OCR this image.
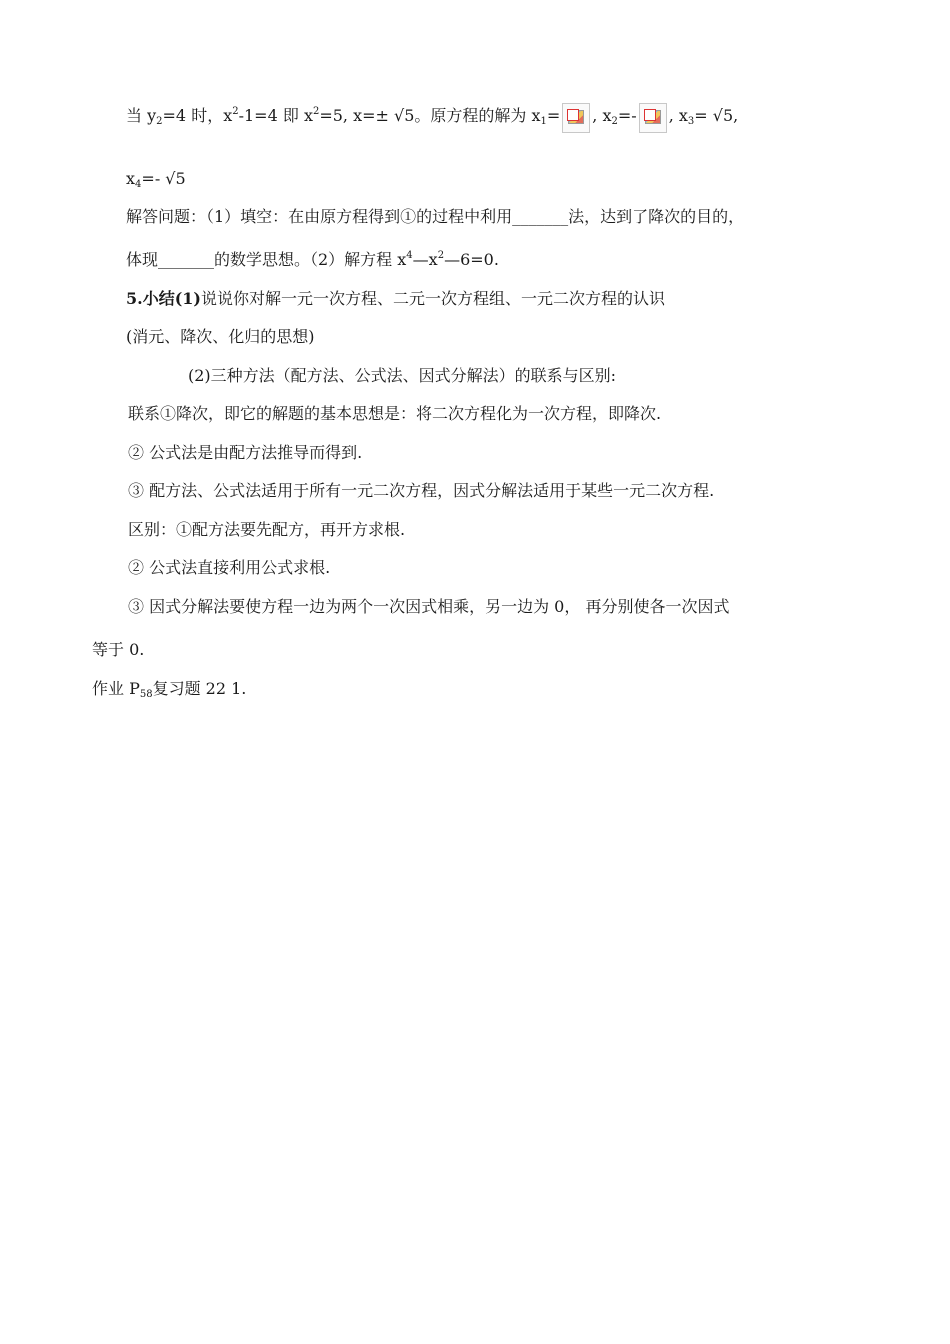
当 $y_2=4$ 时，$x^2-1=4$ 即 $x^2=5$, x=± √5。原方程的解为 $x_1=$ , $x_2=-$ , $x_3= √5$,
$x_4=-$ √5
解答问题：（1）填空：在由原方程得到①的过程中利用_______法，达到了降次的目的，
体现_______的数学思想。（2）解方程 $x^4—x^2—6=0$.
5.小结(1)说说你对解一元一次方程、二元一次方程组、一元二次方程的认识
(消元、降次、化归的思想)
(2)三种方法（配方法、公式法、因式分解法）的联系与区别:
联系①降次，即它的解题的基本思想是：将二次方程化为一次方程，即降次.
② 公式法是由配方法推导而得到.
③ 配方法、公式法适用于所有一元二次方程，因式分解法适用于某些一元二次方程.
区别：①配方法要先配方，再开方求根.
② 公式法直接利用公式求根.
③ 因式分解法要使方程一边为两个一次因式相乘，另一边为 0， 再分别使各一次因式
等于 0.
作业 $P_{58}$复习题 22 1.
